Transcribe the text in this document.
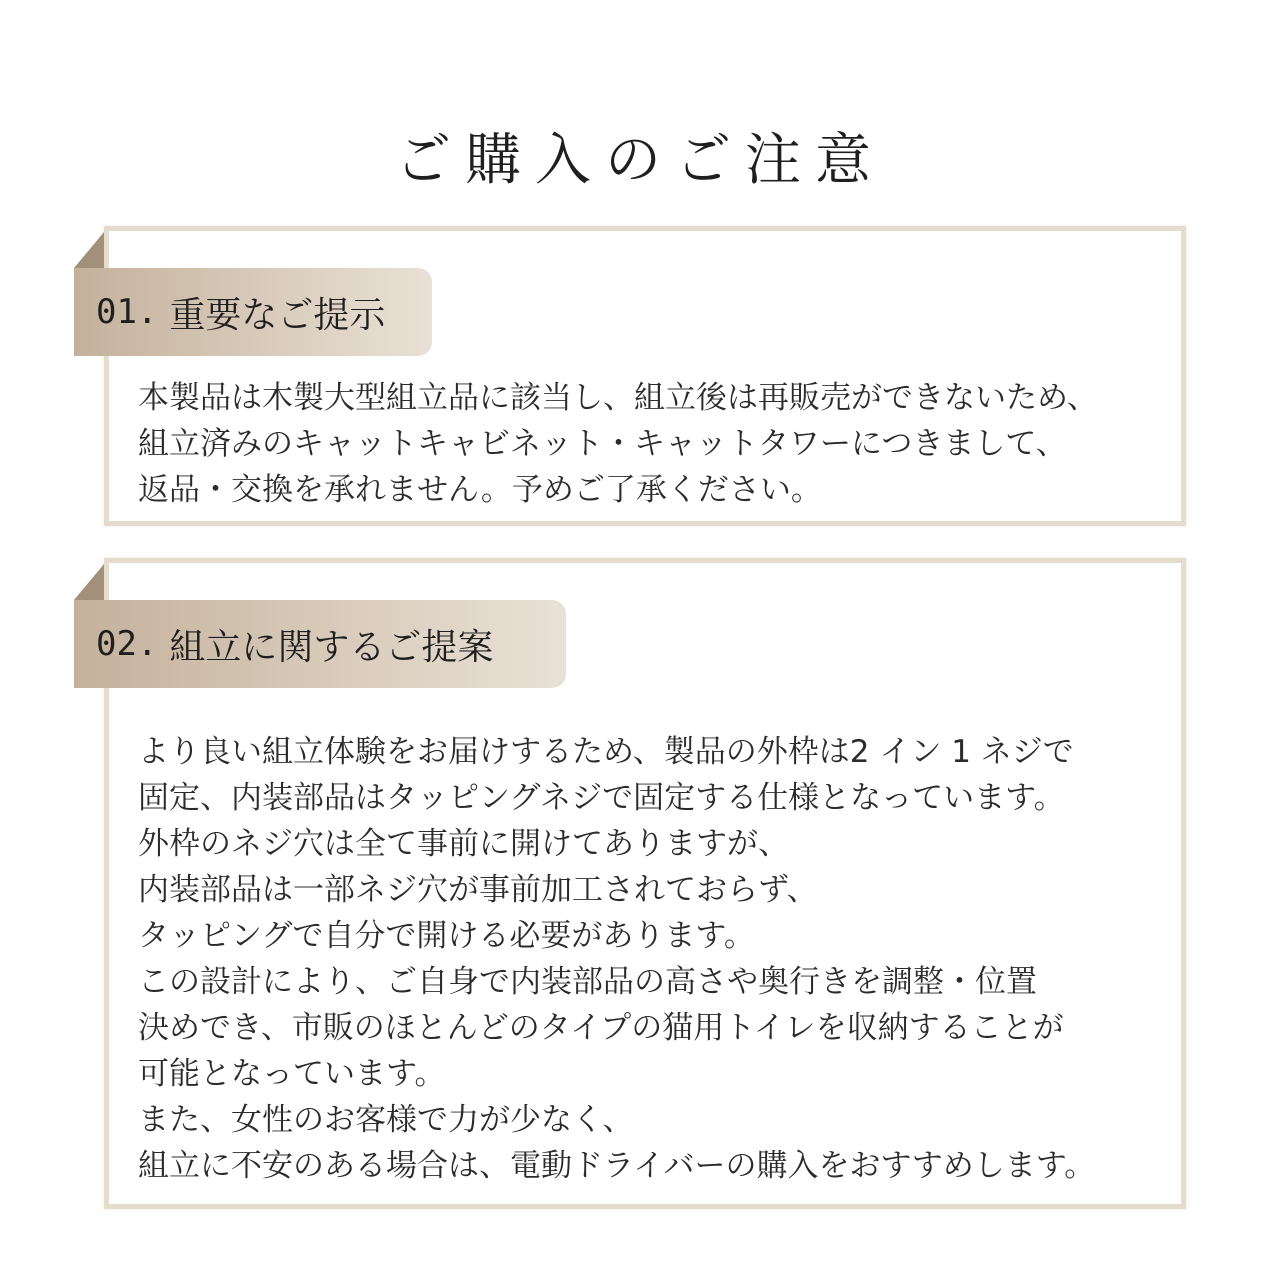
ご購入のご注意
01. 重要なご提示
本製品は木製大型組立品に該当し、組立後は再販売ができないため、
組立済みのキャットキャビネット・キャットタワーにつきまして、
返品・交換を承れません。予めご了承ください。
02. 組立に関するご提案
より良い組立体験をお届けするため、製品の外枠は2 イン 1 ネジで
固定、内装部品はタッピングネジで固定する仕様となっています。
外枠のネジ穴は全て事前に開けてありますが、
内装部品は一部ネジ穴が事前加工されておらず、
タッピングで自分で開ける必要があります。
この設計により、ご自身で内装部品の高さや奥行きを調整・位置
決めでき、市販のほとんどのタイプの猫用トイレを収納することが
可能となっています。
また、女性のお客様で力が少なく、
組立に不安のある場合は、電動ドライバーの購入をおすすめします。
